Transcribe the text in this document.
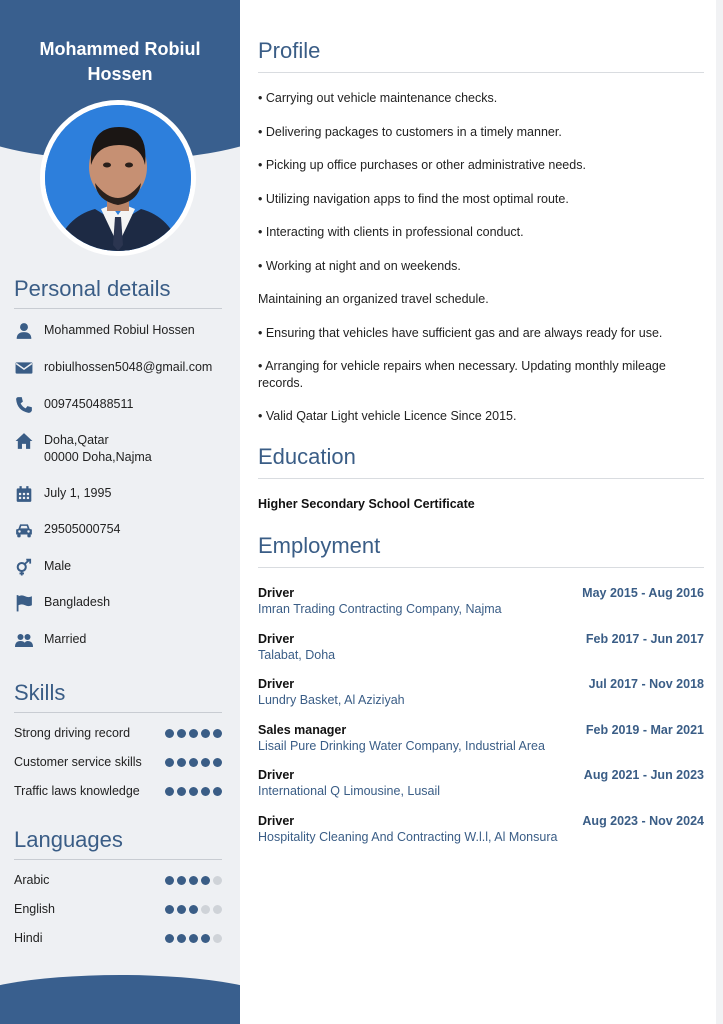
Mohammed Robiul Hossen
Personal details
Mohammed Robiul Hossen
robiulhossen5048@gmail.com
0097450488511
Doha,Qatar
00000 Doha,Najma
July 1, 1995
29505000754
Male
Bangladesh
Married
Skills
Strong driving record
Customer service skills
Traffic laws knowledge
Languages
Arabic
English
Hindi
Profile
• Carrying out vehicle maintenance checks.
• Delivering packages to customers in a timely manner.
• Picking up office purchases or other administrative needs.
• Utilizing navigation apps to find the most optimal route.
• Interacting with clients in professional conduct.
• Working at night and on weekends.
Maintaining an organized travel schedule.
• Ensuring that vehicles have sufficient gas and are always ready for use.
• Arranging for vehicle repairs when necessary. Updating monthly mileage records.
• Valid Qatar Light vehicle Licence Since 2015.
Education
Higher Secondary School Certificate
Employment
Driver	May 2015 - Aug 2016
Imran Trading Contracting Company, Najma
Driver	Feb 2017 - Jun 2017
Talabat, Doha
Driver	Jul 2017 - Nov 2018
Lundry Basket, Al Aziziyah
Sales manager	Feb 2019 - Mar 2021
Lisail Pure Drinking Water Company, Industrial Area
Driver	Aug 2021 - Jun 2023
International Q Limousine, Lusail
Driver	Aug 2023 - Nov 2024
Hospitality Cleaning And Contracting W.l.l, Al Monsura
